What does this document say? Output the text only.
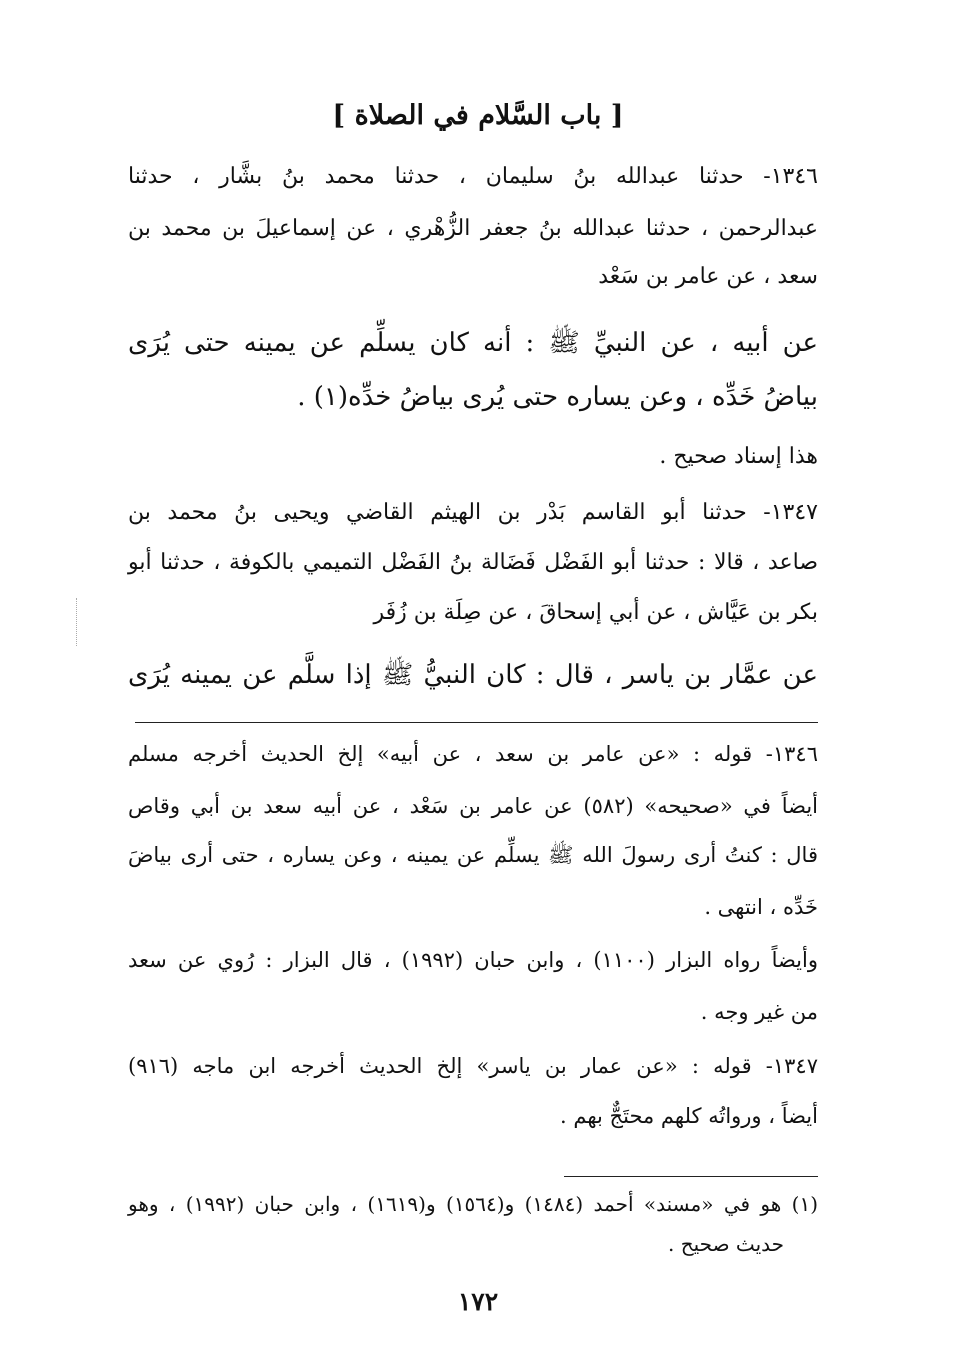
[ باب السَّلام في الصلاة ]
١٣٤٦- حدثنا عبدالله بنُ سليمان ، حدثنا محمد بنُ بشَّار ، حدثنا
عبدالرحمن ، حدثنا عبدالله بنُ جعفر الزُّهْري ، عن إسماعيلَ بن محمد بن
سعد ، عن عامر بن سَعْد
عن أبيه ، عن النبيِّ ﷺ : أنه كان يسلِّم عن يمينه حتى يُرَى
بياضُ خَدِّه ، وعن يساره حتى يُرى بياضُ خدِّه(١) .
هذا إسناد صحيح .
١٣٤٧- حدثنا أبو القاسم بَدْر بن الهيثم القاضي ويحيى بنُ محمد بن
صاعد ، قالا : حدثنا أبو الفَضْل فَضَالة بنُ الفَضْل التميمي بالكوفة ، حدثنا أبو
بكر بن عَيَّاش ، عن أبي إسحاقَ ، عن صِلَة بن زُفَر
عن عمَّار بن ياسر ، قال : كان النبيُّ ﷺ إذا سلَّم عن يمينه يُرَى
١٣٤٦- قوله : «عن عامر بن سعد ، عن أبيه» إلخ الحديث أخرجه مسلم
أيضاً في «صحيحه» (٥٨٢) عن عامر بن سَعْد ، عن أبيه سعد بن أبي وقاص
قال : كنتُ أرى رسولَ الله ﷺ يسلِّم عن يمينه ، وعن يساره ، حتى أرى بياضَ
خَدِّه ، انتهى .
وأيضاً رواه البزار (١١٠٠) ، وابن حبان (١٩٩٢) ، قال البزار : رُوي عن سعد
من غير وجه .
١٣٤٧- قوله : «عن عمار بن ياسر» إلخ الحديث أخرجه ابن ماجه (٩١٦)
أيضاً ، ورواتُه كلهم محتَجٌّ بهم .
(١) هو في «مسند» أحمد (١٤٨٤) و(١٥٦٤) و(١٦١٩) ، وابن حبان (١٩٩٢) ، وهو
حديث صحيح .
١٧٢
